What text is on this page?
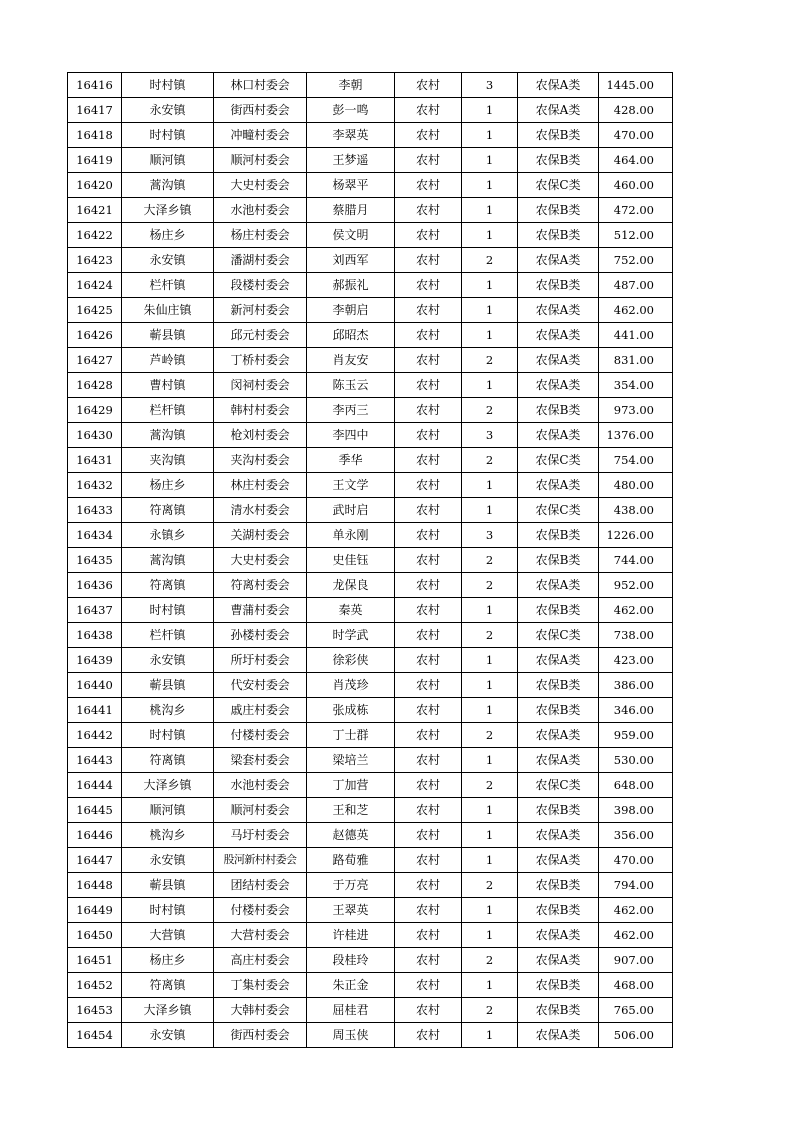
16416	时村镇	林口村委会	李朝	农村	3	农保A类	1445.00
16417	永安镇	街西村委会	彭一鸣	农村	1	农保A类	428.00
16418	时村镇	冲疃村委会	李翠英	农村	1	农保B类	470.00
16419	顺河镇	顺河村委会	王梦遥	农村	1	农保B类	464.00
16420	蒿沟镇	大史村委会	杨翠平	农村	1	农保C类	460.00
16421	大泽乡镇	水池村委会	蔡腊月	农村	1	农保B类	472.00
16422	杨庄乡	杨庄村委会	侯文明	农村	1	农保B类	512.00
16423	永安镇	潘湖村委会	刘西军	农村	2	农保A类	752.00
16424	栏杆镇	段楼村委会	郝振礼	农村	1	农保B类	487.00
16425	朱仙庄镇	新河村委会	李朝启	农村	1	农保A类	462.00
16426	蕲县镇	邱元村委会	邱昭杰	农村	1	农保A类	441.00
16427	芦岭镇	丁桥村委会	肖友安	农村	2	农保A类	831.00
16428	曹村镇	闵祠村委会	陈玉云	农村	1	农保A类	354.00
16429	栏杆镇	韩村村委会	李丙三	农村	2	农保B类	973.00
16430	蒿沟镇	枪刘村委会	李四中	农村	3	农保A类	1376.00
16431	夹沟镇	夹沟村委会	季华	农村	2	农保C类	754.00
16432	杨庄乡	林庄村委会	王文学	农村	1	农保A类	480.00
16433	符离镇	清水村委会	武时启	农村	1	农保C类	438.00
16434	永镇乡	关湖村委会	单永刚	农村	3	农保B类	1226.00
16435	蒿沟镇	大史村委会	史佳钰	农村	2	农保B类	744.00
16436	符离镇	符离村委会	龙保良	农村	2	农保A类	952.00
16437	时村镇	曹蒲村委会	秦英	农村	1	农保B类	462.00
16438	栏杆镇	孙楼村委会	时学武	农村	2	农保C类	738.00
16439	永安镇	所圩村委会	徐彩侠	农村	1	农保A类	423.00
16440	蕲县镇	代安村委会	肖茂珍	农村	1	农保B类	386.00
16441	桃沟乡	戚庄村委会	张成栋	农村	1	农保B类	346.00
16442	时村镇	付楼村委会	丁士群	农村	2	农保A类	959.00
16443	符离镇	梁套村委会	梁培兰	农村	1	农保A类	530.00
16444	大泽乡镇	水池村委会	丁加营	农村	2	农保C类	648.00
16445	顺河镇	顺河村委会	王和芝	农村	1	农保B类	398.00
16446	桃沟乡	马圩村委会	赵德英	农村	1	农保A类	356.00
16447	永安镇	股河新村村委会	路荀雅	农村	1	农保A类	470.00
16448	蕲县镇	团结村委会	于万亮	农村	2	农保B类	794.00
16449	时村镇	付楼村委会	王翠英	农村	1	农保B类	462.00
16450	大营镇	大营村委会	许桂进	农村	1	农保A类	462.00
16451	杨庄乡	高庄村委会	段桂玲	农村	2	农保A类	907.00
16452	符离镇	丁集村委会	朱正金	农村	1	农保B类	468.00
16453	大泽乡镇	大韩村委会	屈桂君	农村	2	农保B类	765.00
16454	永安镇	街西村委会	周玉侠	农村	1	农保A类	506.00
